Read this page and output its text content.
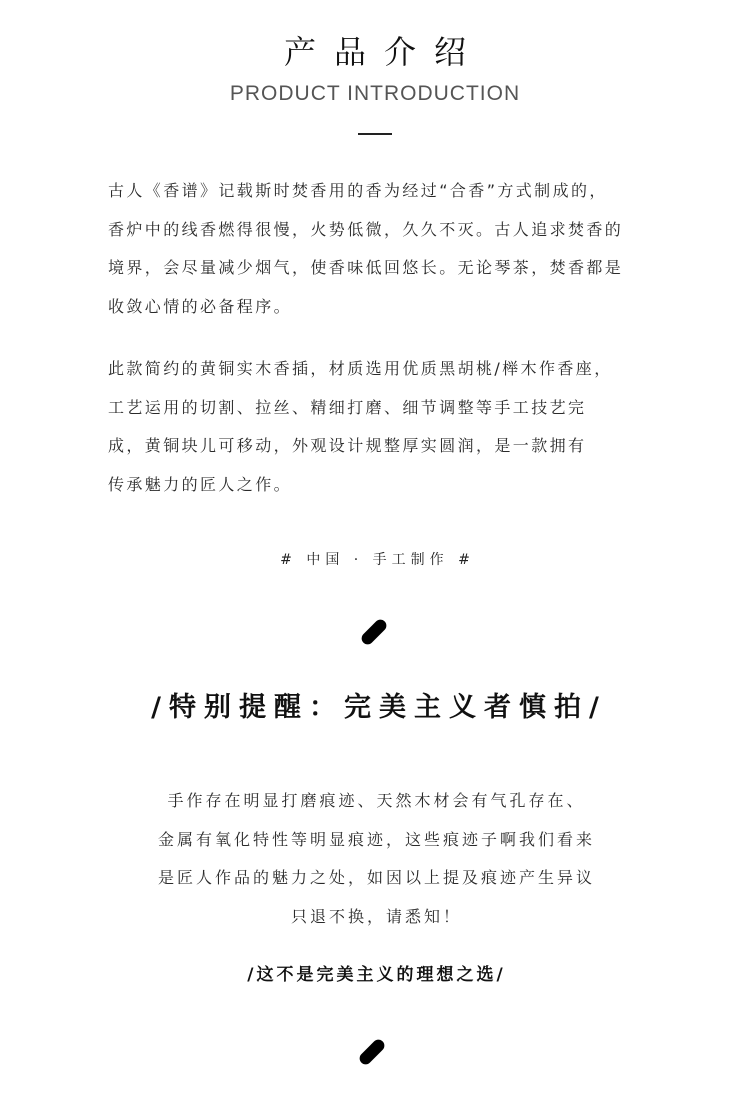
产品介绍
PRODUCT INTRODUCTION
古人《香谱》记载斯时焚香用的香为经过“合香”方式制成的，
香炉中的线香燃得很慢，火势低微，久久不灭。古人追求焚香的
境界，会尽量减少烟气，使香味低回悠长。无论琴茶，焚香都是
收敛心情的必备程序。
此款简约的黄铜实木香插，材质选用优质黑胡桃/榉木作香座，
工艺运用的切割、拉丝、精细打磨、细节调整等手工技艺完
成，黄铜块儿可移动，外观设计规整厚实圆润，是一款拥有
传承魅力的匠人之作。
# 中国 · 手工制作 #
/特别提醒：完美主义者慎拍/
手作存在明显打磨痕迹、天然木材会有气孔存在、
金属有氧化特性等明显痕迹，这些痕迹子啊我们看来
是匠人作品的魅力之处，如因以上提及痕迹产生异议
只退不换，请悉知！
/这不是完美主义的理想之选/
